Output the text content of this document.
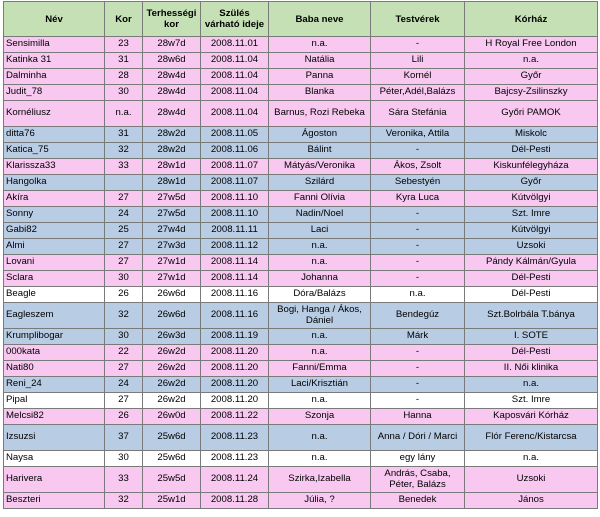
Név	Kor	Terhességi kor	Szülés várható ideje	Baba neve	Testvérek	Kórház
Sensimilla	23	28w7d	2008.11.01	n.a.	-	H Royal Free London
Katinka 31	31	28w6d	2008.11.04	Natália	Lili	n.a.
Dalminha	28	28w4d	2008.11.04	Panna	Kornél	Győr
Judit_78	30	28w4d	2008.11.04	Blanka	Péter,Adél,Balázs	Bajcsy-Zsilinszky
Kornéliusz	n.a.	28w4d	2008.11.04	Barnus, Rozi Rebeka	Sára Stefánia	Győri PAMOK
ditta76	31	28w2d	2008.11.05	Ágoston	Veronika, Attila	Miskolc
Katica_75	32	28w2d	2008.11.06	Bálint	-	Dél-Pesti
Klarissza33	33	28w1d	2008.11.07	Mátyás/Veronika	Ákos, Zsolt	Kiskunfélegyháza
Hangolka		28w1d	2008.11.07	Szilárd	Sebestyén	Győr
Akíra	27	27w5d	2008.11.10	Fanni Olívia	Kyra Luca	Kútvölgyi
Sonny	24	27w5d	2008.11.10	Nadin/Noel	-	Szt. Imre
Gabi82	25	27w4d	2008.11.11	Laci	-	Kútvölgyi
Almi	27	27w3d	2008.11.12	n.a.	-	Uzsoki
Lovani	27	27w1d	2008.11.14	n.a.	-	Pándy Kálmán/Gyula
Sclara	30	27w1d	2008.11.14	Johanna	-	Dél-Pesti
Beagle	26	26w6d	2008.11.16	Dóra/Balázs	n.a.	Dél-Pesti
Eagleszem	32	26w6d	2008.11.16	Bogi, Hanga / Ákos, Dániel	Bendegúz	Szt.Bolrbála T.bánya
Krumplibogar	30	26w3d	2008.11.19	n.a.	Márk	I. SOTE
000kata	22	26w2d	2008.11.20	n.a.	-	Dél-Pesti
Nati80	27	26w2d	2008.11.20	Fanni/Emma	-	II. Női klinika
Reni_24	24	26w2d	2008.11.20	Laci/Krisztián	-	n.a.
Pipal	27	26w2d	2008.11.20	n.a.	-	Szt. Imre
Melcsi82	26	26w0d	2008.11.22	Szonja	Hanna	Kaposvári Kórház
Izsuzsi	37	25w6d	2008.11.23	n.a.	Anna / Dóri / Marci	Flór Ferenc/Kistarcsa
Naysa	30	25w6d	2008.11.23	n.a.	egy lány	n.a.
Harivera	33	25w5d	2008.11.24	Szirka,Izabella	András, Csaba, Péter, Balázs	Uzsoki
Beszteri	32	25w1d	2008.11.28	Júlia, ?	Benedek	János
